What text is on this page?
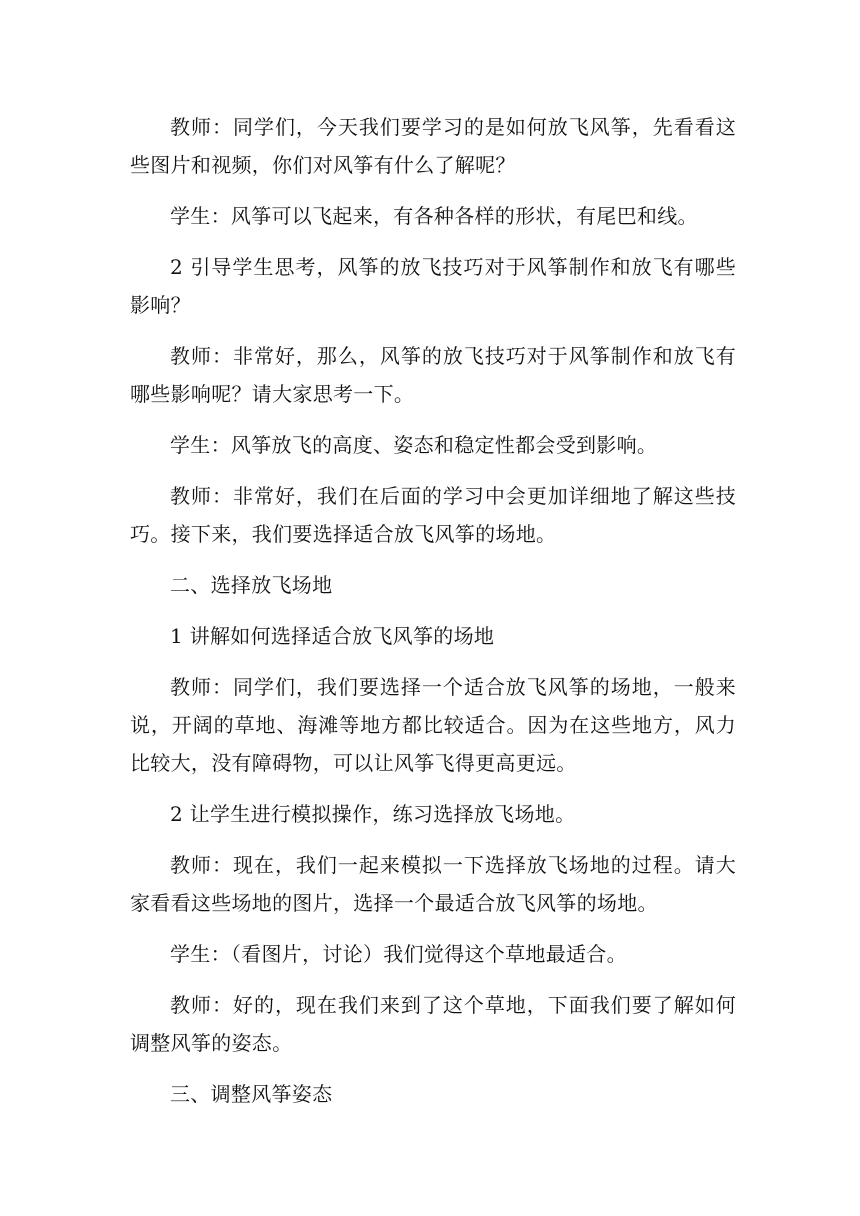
教师：同学们，今天我们要学习的是如何放飞风筝，先看看这些图片和视频，你们对风筝有什么了解呢？

学生：风筝可以飞起来，有各种各样的形状，有尾巴和线。

2 引导学生思考，风筝的放飞技巧对于风筝制作和放飞有哪些影响？

教师：非常好，那么，风筝的放飞技巧对于风筝制作和放飞有哪些影响呢？请大家思考一下。

学生：风筝放飞的高度、姿态和稳定性都会受到影响。

教师：非常好，我们在后面的学习中会更加详细地了解这些技巧。接下来，我们要选择适合放飞风筝的场地。

二、选择放飞场地

1 讲解如何选择适合放飞风筝的场地

教师：同学们，我们要选择一个适合放飞风筝的场地，一般来说，开阔的草地、海滩等地方都比较适合。因为在这些地方，风力比较大，没有障碍物，可以让风筝飞得更高更远。

2 让学生进行模拟操作，练习选择放飞场地。

教师：现在，我们一起来模拟一下选择放飞场地的过程。请大家看看这些场地的图片，选择一个最适合放飞风筝的场地。

学生：（看图片，讨论）我们觉得这个草地最适合。

教师：好的，现在我们来到了这个草地，下面我们要了解如何调整风筝的姿态。

三、调整风筝姿态
